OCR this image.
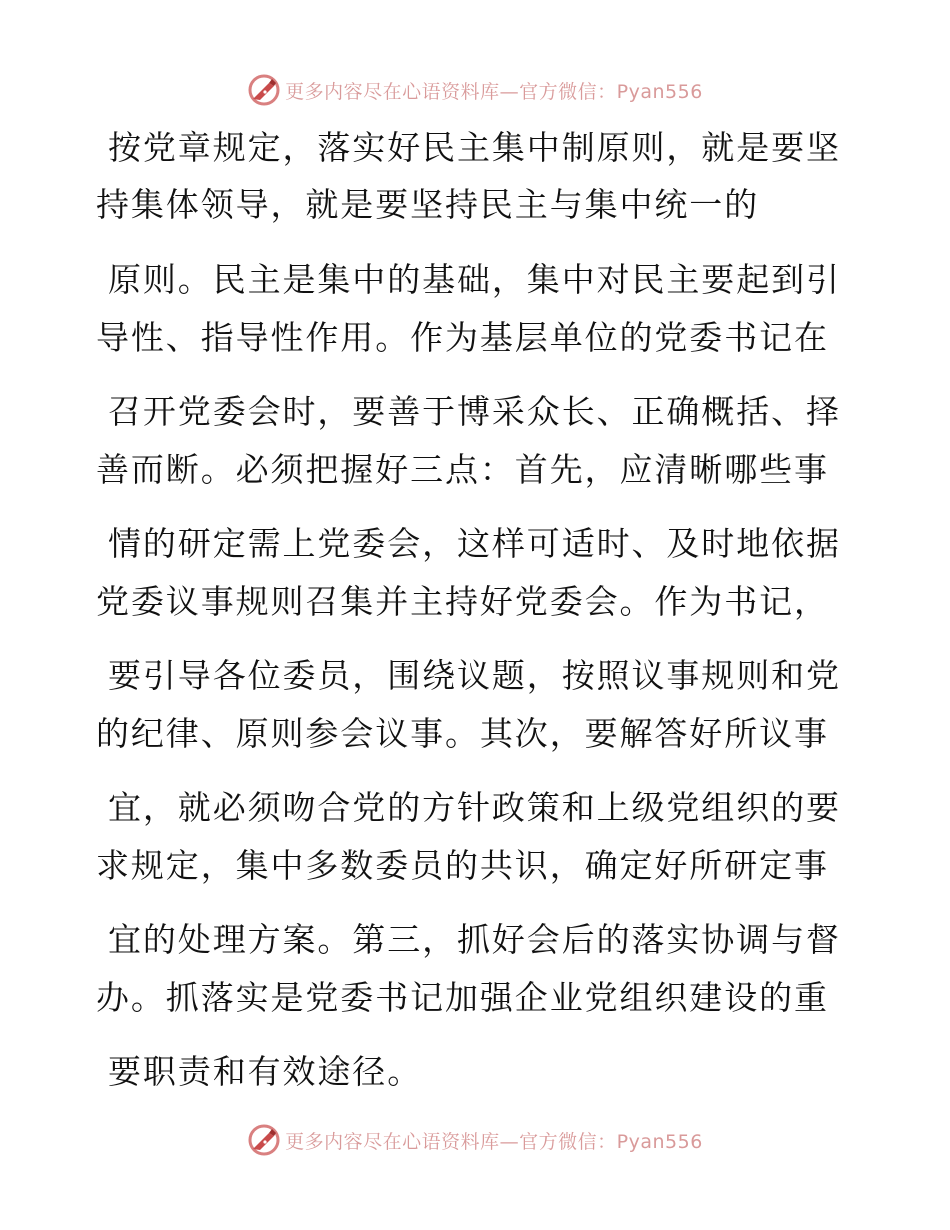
更多内容尽在心语资料库—官方微信：Pyan556
按党章规定，落实好民主集中制原则，就是要坚
持集体领导，就是要坚持民主与集中统一的
原则。民主是集中的基础，集中对民主要起到引
导性、指导性作用。作为基层单位的党委书记在
召开党委会时，要善于博采众长、正确概括、择
善而断。必须把握好三点：首先，应清晰哪些事
情的研定需上党委会，这样可适时、及时地依据
党委议事规则召集并主持好党委会。作为书记，
要引导各位委员，围绕议题，按照议事规则和党
的纪律、原则参会议事。其次，要解答好所议事
宜，就必须吻合党的方针政策和上级党组织的要
求规定，集中多数委员的共识，确定好所研定事
宜的处理方案。第三，抓好会后的落实协调与督
办。抓落实是党委书记加强企业党组织建设的重
要职责和有效途径。
更多内容尽在心语资料库—官方微信：Pyan556
